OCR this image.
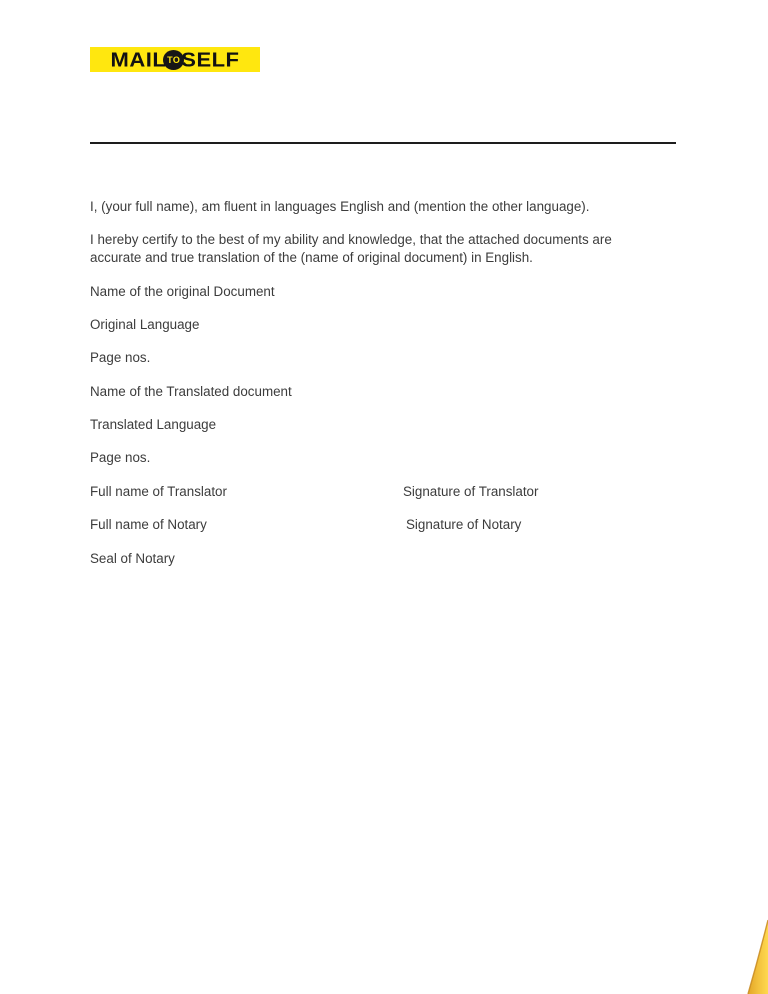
MAIL TO SELF
I, (your full name), am fluent in languages English and (mention the other language).
I hereby certify to the best of my ability and knowledge, that the attached documents are accurate and true translation of the (name of original document) in English.
Name of the original Document
Original Language
Page nos.
Name of the Translated document
Translated Language
Page nos.
Full name of Translator	Signature of Translator
Full name of Notary	Signature of Notary
Seal of Notary
